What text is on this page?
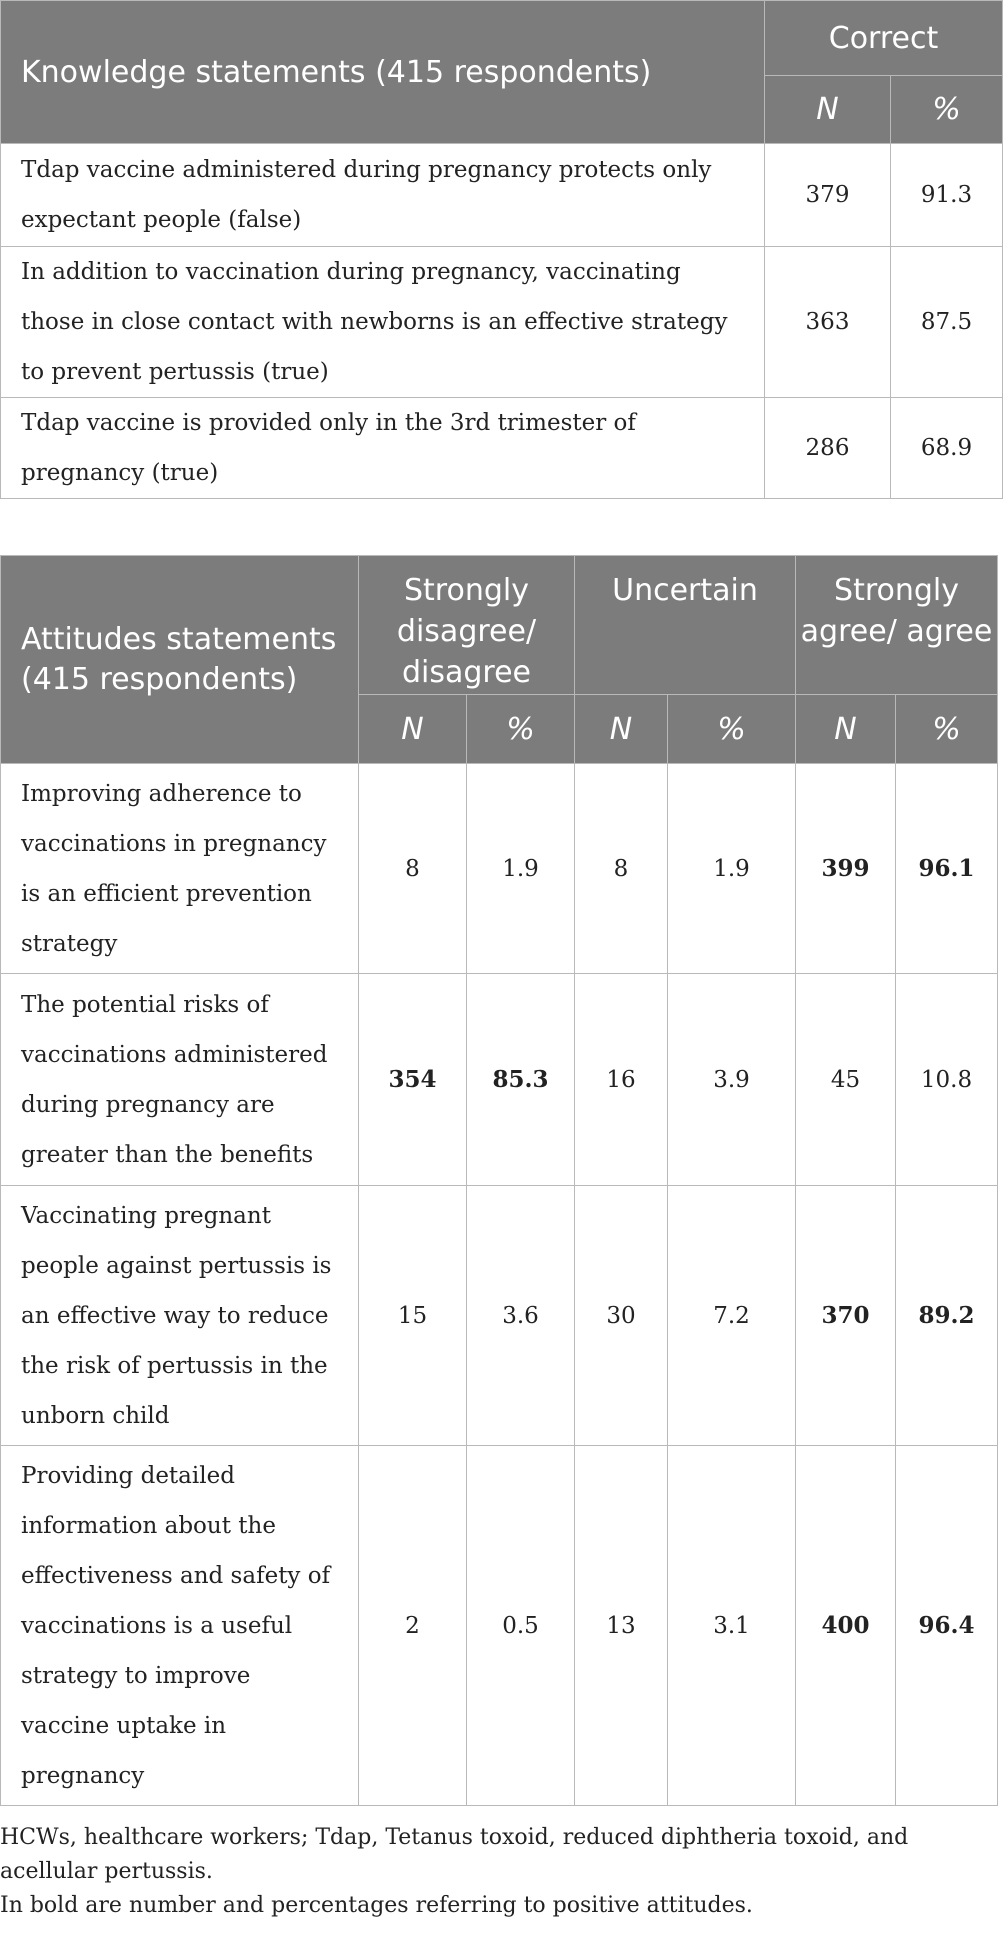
Knowledge statements (415 respondents)	Correct	
	N	%
Tdap vaccine administered during pregnancy protects only expectant people (false)	379	91.3
In addition to vaccination during pregnancy, vaccinating those in close contact with newborns is an effective strategy to prevent pertussis (true)	363	87.5
Tdap vaccine is provided only in the 3rd trimester of pregnancy (true)	286	68.9
Attitudes statements (415 respondents)	Strongly disagree/ disagree		Uncertain		Strongly agree/ agree	
	N	%	N	%	N	%
Improving adherence to vaccinations in pregnancy is an efficient prevention strategy	8	1.9	8	1.9	399	96.1
The potential risks of vaccinations administered during pregnancy are greater than the benefits	354	85.3	16	3.9	45	10.8
Vaccinating pregnant people against pertussis is an effective way to reduce the risk of pertussis in the unborn child	15	3.6	30	7.2	370	89.2
Providing detailed information about the effectiveness and safety of vaccinations is a useful strategy to improve vaccine uptake in pregnancy	2	0.5	13	3.1	400	96.4

HCWs, healthcare workers; Tdap, Tetanus toxoid, reduced diphtheria toxoid, and acellular pertussis.

In bold are number and percentages referring to positive attitudes.
